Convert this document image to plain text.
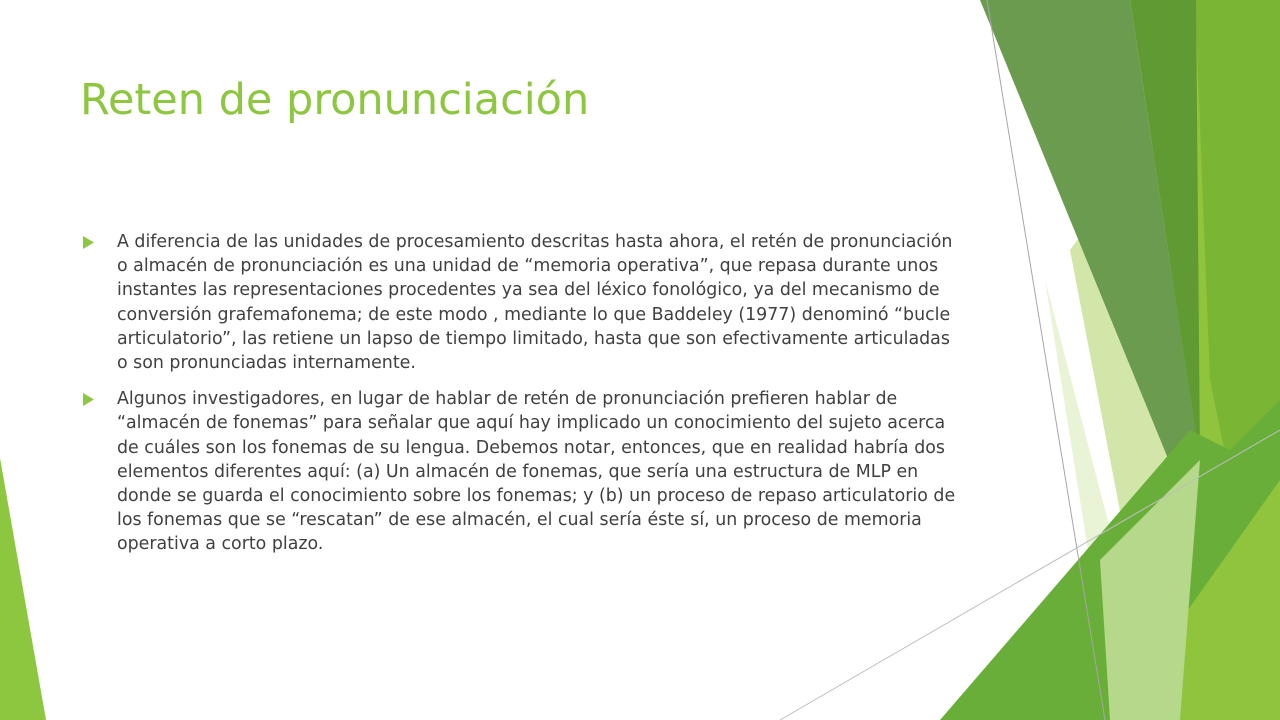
Reten de pronunciación
A diferencia de las unidades de procesamiento descritas hasta ahora, el retén de pronunciación o almacén de pronunciación es una unidad de “memoria operativa”, que repasa durante unos instantes las representaciones procedentes ya sea del léxico fonológico, ya del mecanismo de conversión grafemafonema; de este modo , mediante lo que Baddeley (1977) denominó “bucle articulatorio”, las retiene un lapso de tiempo limitado, hasta que son efectivamente articuladas o son pronunciadas internamente.
Algunos investigadores, en lugar de hablar de retén de pronunciación prefieren hablar de “almacén de fonemas” para señalar que aquí hay implicado un conocimiento del sujeto acerca de cuáles son los fonemas de su lengua. Debemos notar, entonces, que en realidad habría dos elementos diferentes aquí: (a) Un almacén de fonemas, que sería una estructura de MLP en donde se guarda el conocimiento sobre los fonemas; y (b) un proceso de repaso articulatorio de los fonemas que se “rescatan” de ese almacén, el cual sería éste sí, un proceso de memoria operativa a corto plazo.
